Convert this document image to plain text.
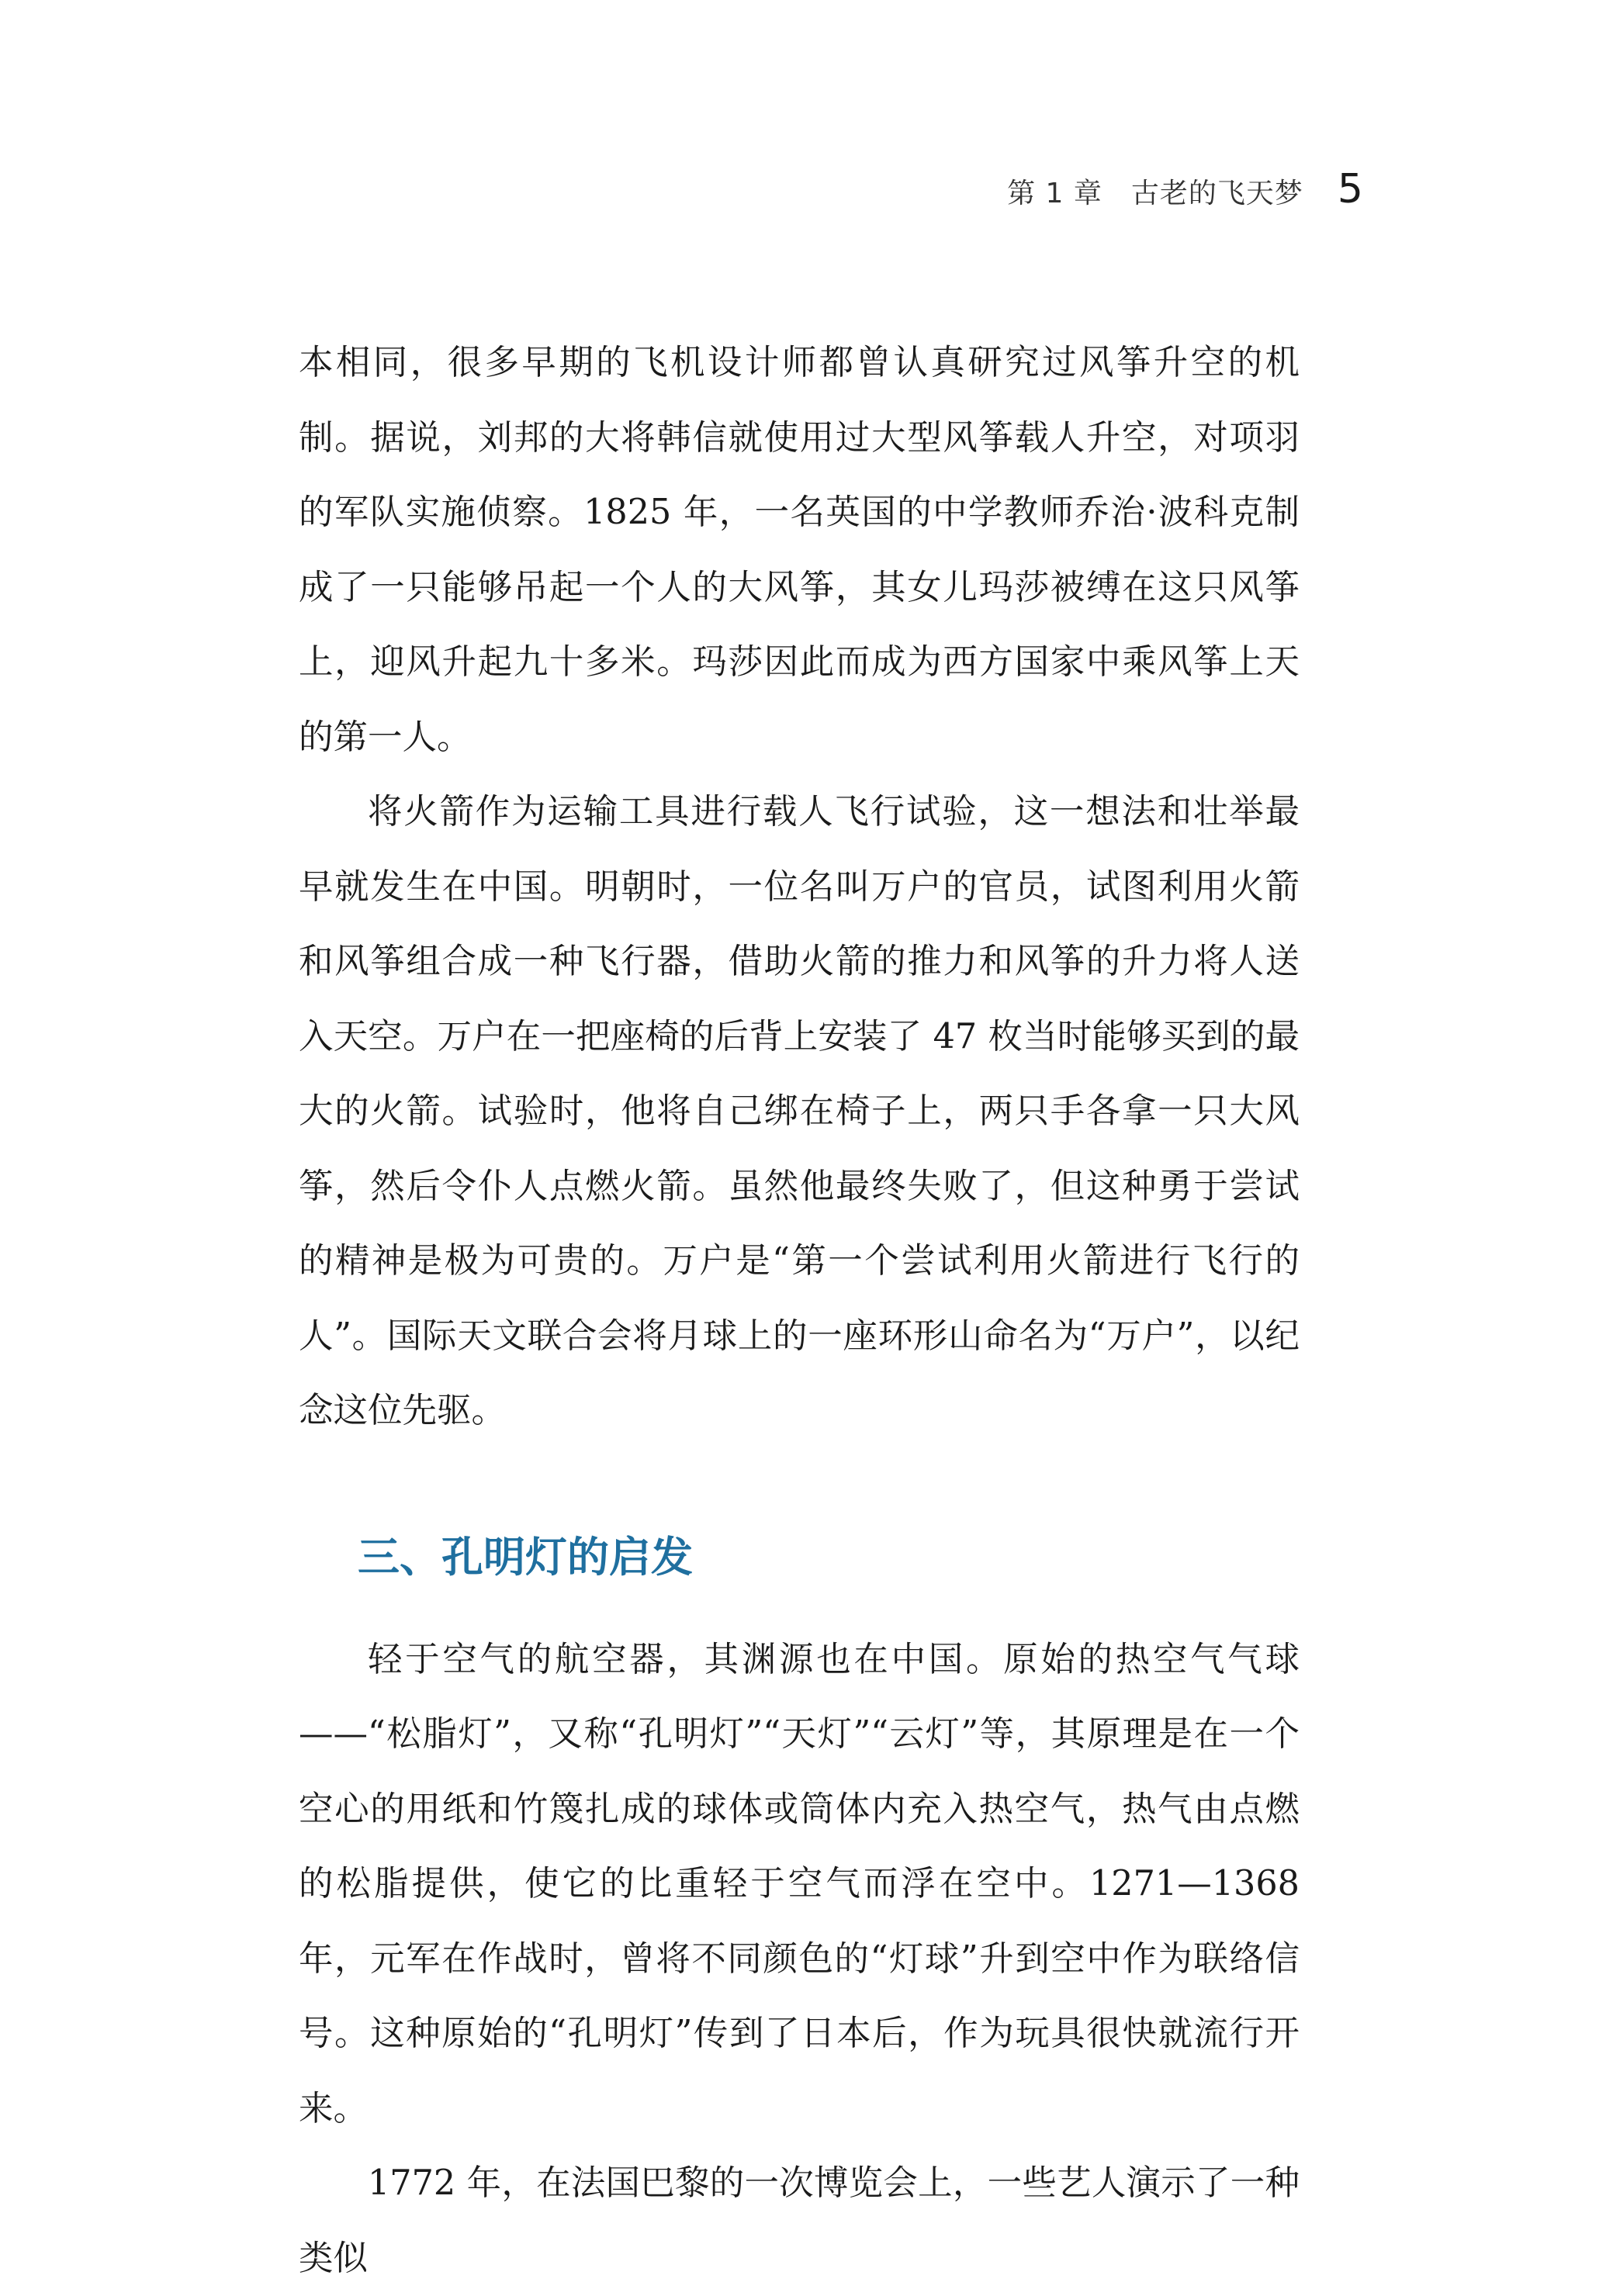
第 1 章　古老的飞天梦 5

本相同，很多早期的飞机设计师都曾认真研究过风筝升空的机制。据说，刘邦的大将韩信就使用过大型风筝载人升空，对项羽的军队实施侦察。1825 年，一名英国的中学教师乔治·波科克制成了一只能够吊起一个人的大风筝，其女儿玛莎被缚在这只风筝上，迎风升起九十多米。玛莎因此而成为西方国家中乘风筝上天的第一人。

将火箭作为运输工具进行载人飞行试验，这一想法和壮举最早就发生在中国。明朝时，一位名叫万户的官员，试图利用火箭和风筝组合成一种飞行器，借助火箭的推力和风筝的升力将人送入天空。万户在一把座椅的后背上安装了 47 枚当时能够买到的最大的火箭。试验时，他将自己绑在椅子上，两只手各拿一只大风筝，然后令仆人点燃火箭。虽然他最终失败了，但这种勇于尝试的精神是极为可贵的。万户是“第一个尝试利用火箭进行飞行的人”。国际天文联合会将月球上的一座环形山命名为“万户”，以纪念这位先驱。

三、孔明灯的启发

轻于空气的航空器，其渊源也在中国。原始的热空气气球——“松脂灯”，又称“孔明灯”“天灯”“云灯”等，其原理是在一个空心的用纸和竹篾扎成的球体或筒体内充入热空气，热气由点燃的松脂提供，使它的比重轻于空气而浮在空中。1271—1368 年，元军在作战时，曾将不同颜色的“灯球”升到空中作为联络信号。这种原始的“孔明灯”传到了日本后，作为玩具很快就流行开来。

1772 年，在法国巴黎的一次博览会上，一些艺人演示了一种类似
